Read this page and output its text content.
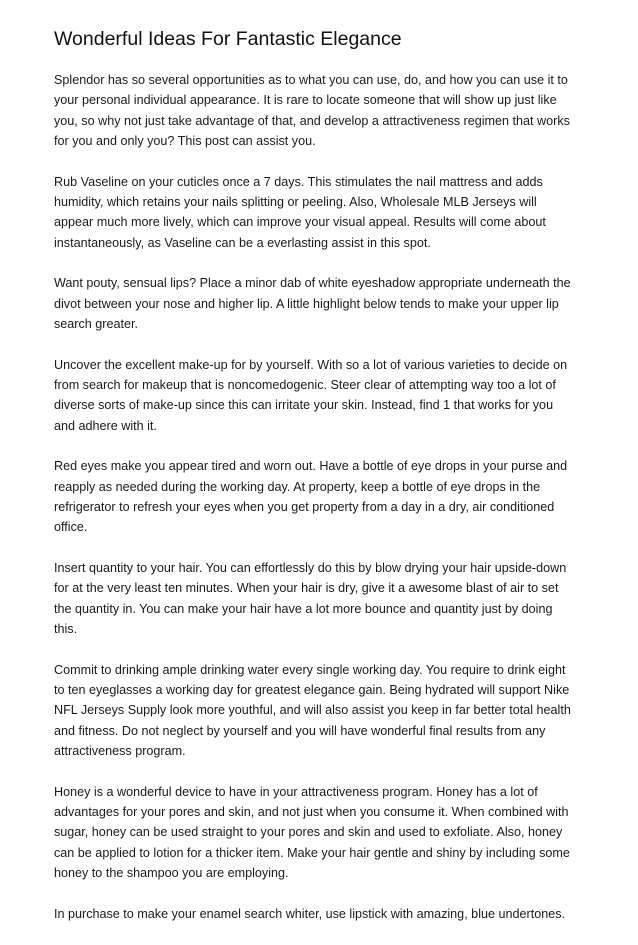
Wonderful Ideas For Fantastic Elegance

Splendor has so several opportunities as to what you can use, do, and how you can use it to
your personal individual appearance. It is rare to locate someone that will show up just like
you, so why not just take advantage of that, and develop a attractiveness regimen that works
for you and only you? This post can assist you.

Rub Vaseline on your cuticles once a 7 days. This stimulates the nail mattress and adds
humidity, which retains your nails splitting or peeling. Also, Wholesale MLB Jerseys will
appear much more lively, which can improve your visual appeal. Results will come about
instantaneously, as Vaseline can be a everlasting assist in this spot.

Want pouty, sensual lips? Place a minor dab of white eyeshadow appropriate underneath the
divot between your nose and higher lip. A little highlight below tends to make your upper lip
search greater.

Uncover the excellent make-up for by yourself. With so a lot of various varieties to decide on
from search for makeup that is noncomedogenic. Steer clear of attempting way too a lot of
diverse sorts of make-up since this can irritate your skin. Instead, find 1 that works for you
and adhere with it.

Red eyes make you appear tired and worn out. Have a bottle of eye drops in your purse and
reapply as needed during the working day. At property, keep a bottle of eye drops in the
refrigerator to refresh your eyes when you get property from a day in a dry, air conditioned
office.

Insert quantity to your hair. You can effortlessly do this by blow drying your hair upside-down
for at the very least ten minutes. When your hair is dry, give it a awesome blast of air to set
the quantity in. You can make your hair have a lot more bounce and quantity just by doing
this.

Commit to drinking ample drinking water every single working day. You require to drink eight
to ten eyeglasses a working day for greatest elegance gain. Being hydrated will support Nike
NFL Jerseys Supply look more youthful, and will also assist you keep in far better total health
and fitness. Do not neglect by yourself and you will have wonderful final results from any
attractiveness program.

Honey is a wonderful device to have in your attractiveness program. Honey has a lot of
advantages for your pores and skin, and not just when you consume it. When combined with
sugar, honey can be used straight to your pores and skin and used to exfoliate. Also, honey
can be applied to lotion for a thicker item. Make your hair gentle and shiny by including some
honey to the shampoo you are employing.

In purchase to make your enamel search whiter, use lipstick with amazing, blue undertones.
